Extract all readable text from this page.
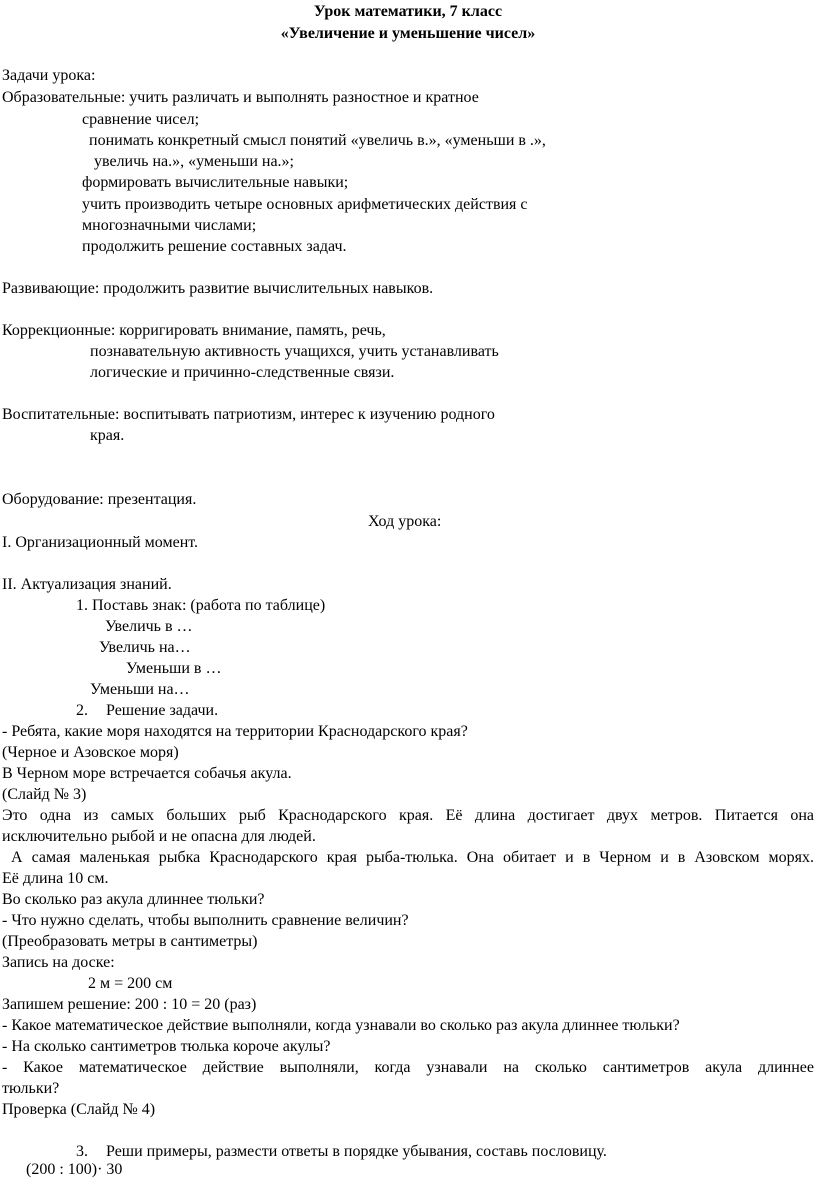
Урок математики, 7 класс
«Увеличение и уменьшение чисел»
Задачи урока:
Образовательные: учить различать и выполнять разностное и кратное
сравнение чисел;
понимать конкретный смысл понятий «увеличь в.», «уменьши в .»,
увеличь на.», «уменьши на.»;
формировать вычислительные навыки;
учить производить четыре основных арифметических действия с
многозначными числами;
продолжить решение составных задач.
Развивающие: продолжить развитие вычислительных навыков.
Коррекционные: корригировать внимание, память, речь,
познавательную активность учащихся, учить устанавливать
логические и причинно-следственные связи.
Воспитательные: воспитывать патриотизм, интерес к изучению родного
края.
Оборудование: презентация.
Ход урока:
I. Организационный момент.
II. Актуализация знаний.
1. Поставь знак: (работа по таблице)
Увеличь в …
Увеличь на…
Уменьши в …
Уменьши на…
2. Решение задачи.
- Ребята, какие моря находятся на территории Краснодарского края?
(Черное и Азовское моря)
В Черном море встречается собачья акула.
(Слайд № 3)
Это одна из самых больших рыб Краснодарского края. Её длина достигает двух метров. Питается она
исключительно рыбой и не опасна для людей.
А самая маленькая рыбка Краснодарского края рыба-тюлька. Она обитает и в Черном и в Азовском морях.
Её длина 10 см.
Во сколько раз акула длиннее тюльки?
- Что нужно сделать, чтобы выполнить сравнение величин?
(Преобразовать метры в сантиметры)
Запись на доске:
2 м = 200 см
Запишем решение: 200 : 10 = 20 (раз)
- Какое математическое действие выполняли, когда узнавали во сколько раз акула длиннее тюльки?
- На сколько сантиметров тюлька короче акулы?
- Какое математическое действие выполняли, когда узнавали на сколько сантиметров акула длиннее
тюльки?
Проверка (Слайд № 4)
3. Реши примеры, размести ответы в порядке убывания, составь пословицу.
(200 : 100)· 30
